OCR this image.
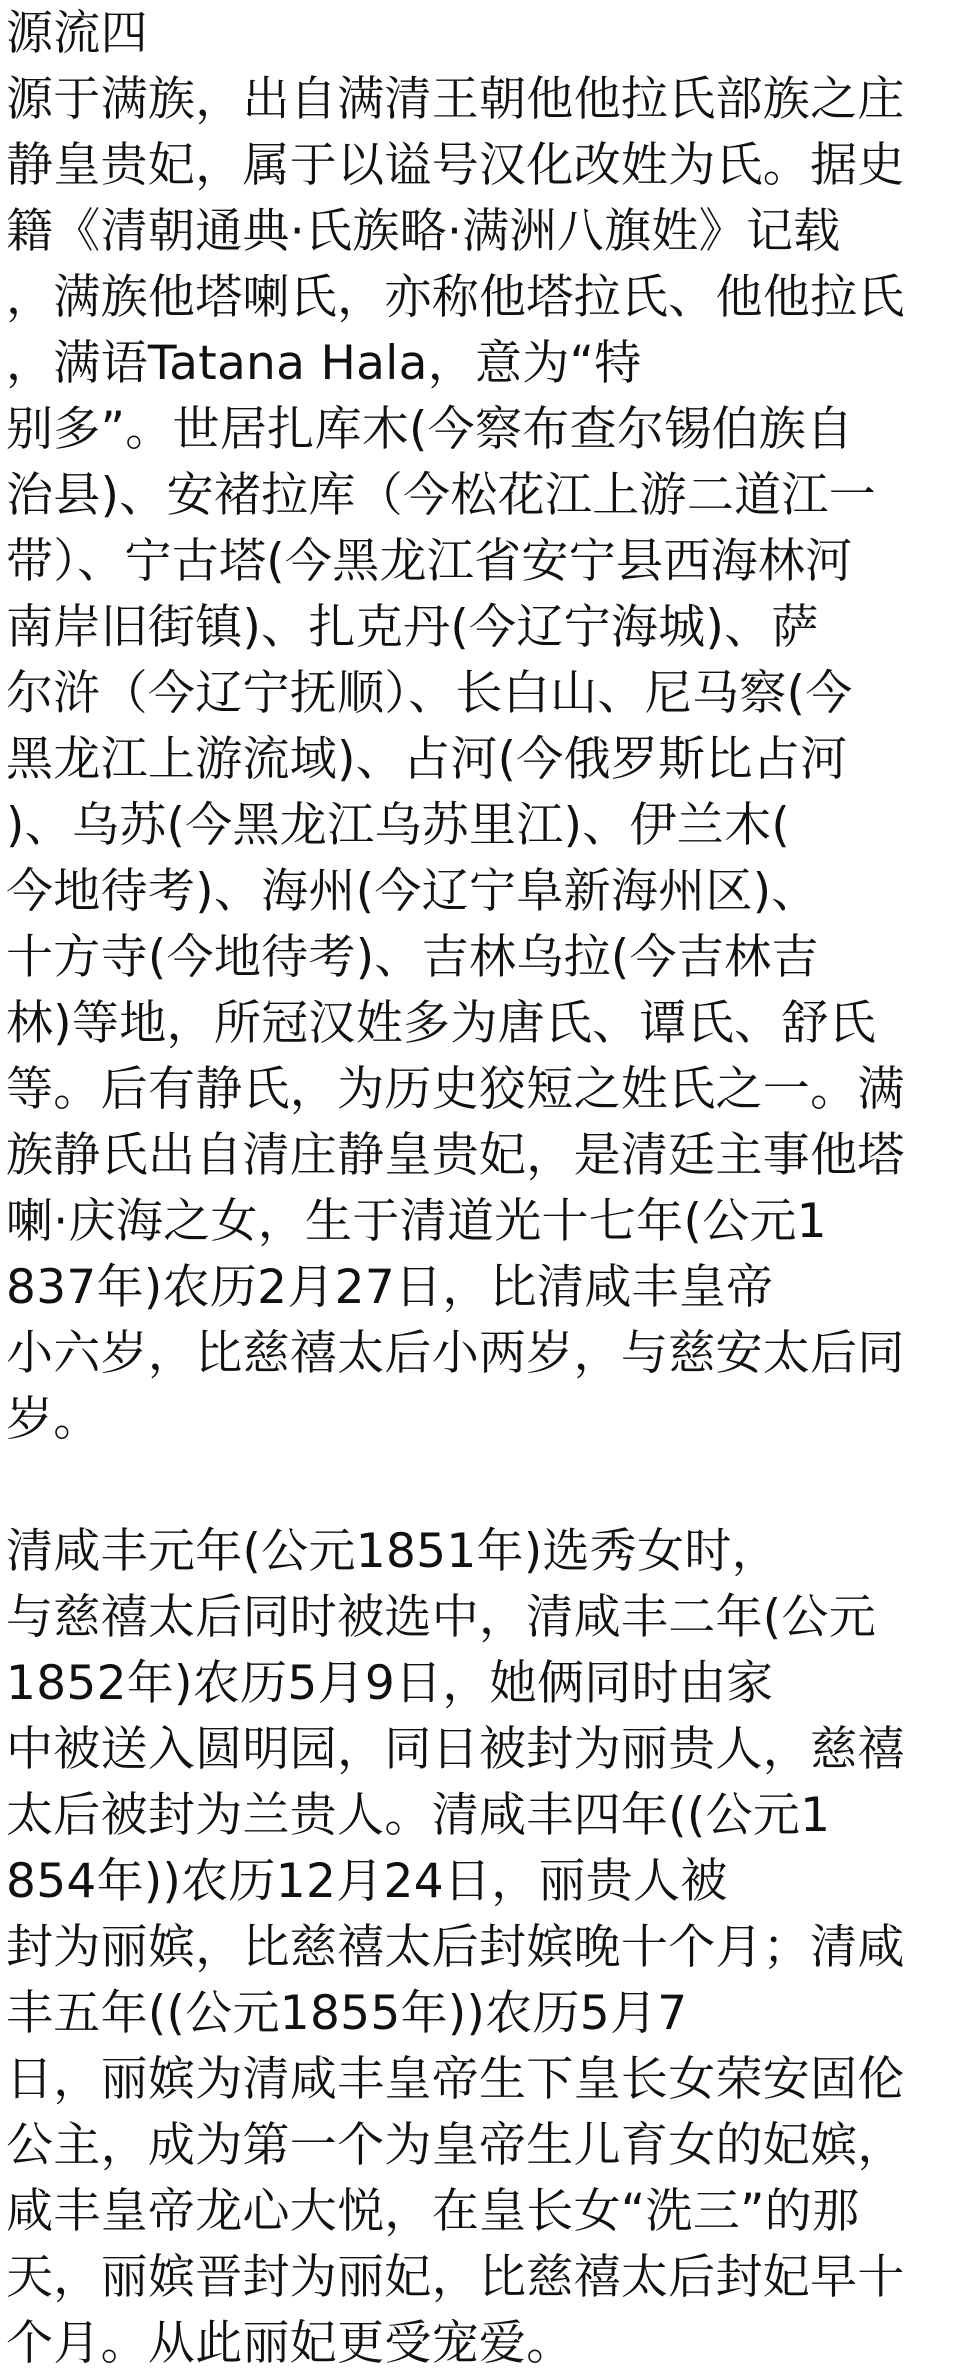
源流四
源于满族，出自满清王朝他他拉氏部族之庄
静皇贵妃，属于以谥号汉化改姓为氏。据史
籍《清朝通典·氏族略·满洲八旗姓》记载
，满族他塔喇氏，亦称他塔拉氏、他他拉氏
，满语Tatana Hala，意为“特
别多”。世居扎库木(今察布查尔锡伯族自
治县)、安褚拉库（今松花江上游二道江一
带）、宁古塔(今黑龙江省安宁县西海林河
南岸旧街镇)、扎克丹(今辽宁海城)、萨
尔浒（今辽宁抚顺）、长白山、尼马察(今
黑龙江上游流域)、占河(今俄罗斯比占河
)、乌苏(今黑龙江乌苏里江)、伊兰木(
今地待考)、海州(今辽宁阜新海州区)、
十方寺(今地待考)、吉林乌拉(今吉林吉
林)等地，所冠汉姓多为唐氏、谭氏、舒氏
等。后有静氏，为历史狡短之姓氏之一。满
族静氏出自清庄静皇贵妃，是清廷主事他塔
喇·庆海之女，生于清道光十七年(公元1
837年)农历2月27日，比清咸丰皇帝
小六岁，比慈禧太后小两岁，与慈安太后同
岁。
清咸丰元年(公元1851年)选秀女时，
与慈禧太后同时被选中，清咸丰二年(公元
1852年)农历5月9日，她俩同时由家
中被送入圆明园，同日被封为丽贵人，慈禧
太后被封为兰贵人。清咸丰四年((公元1
854年))农历12月24日，丽贵人被
封为丽嫔，比慈禧太后封嫔晚十个月；清咸
丰五年((公元1855年))农历5月7
日，丽嫔为清咸丰皇帝生下皇长女荣安固伦
公主，成为第一个为皇帝生儿育女的妃嫔，
咸丰皇帝龙心大悦，在皇长女“洗三”的那
天，丽嫔晋封为丽妃，比慈禧太后封妃早十
个月。从此丽妃更受宠爱。
